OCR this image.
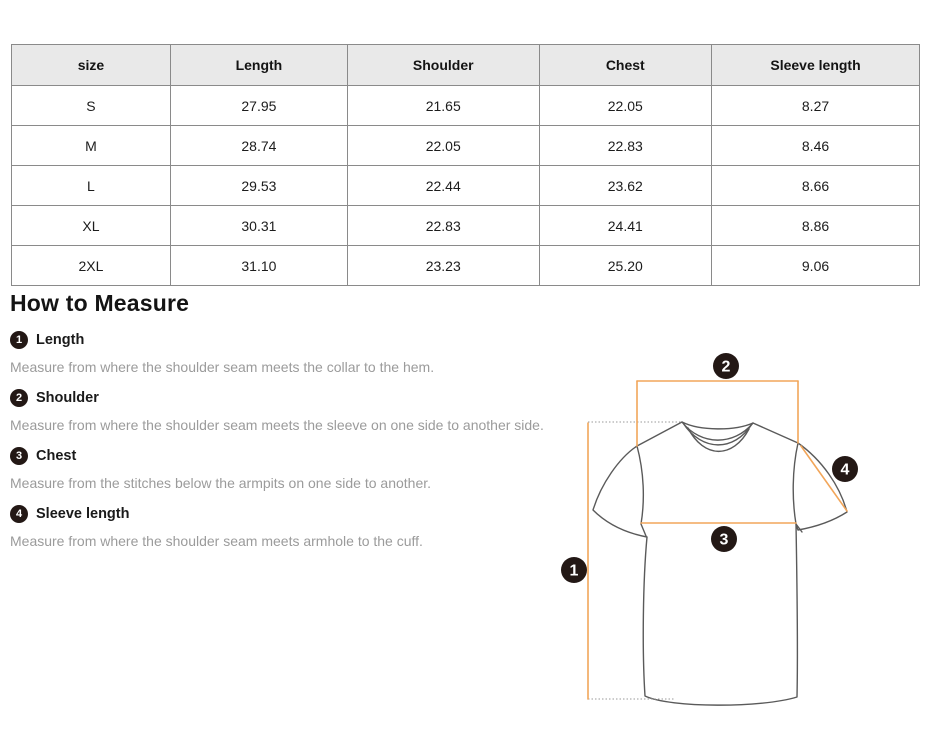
size	Length	Shoulder	Chest	Sleeve length
S	27.95	21.65	22.05	8.27
M	28.74	22.05	22.83	8.46
L	29.53	22.44	23.62	8.66
XL	30.31	22.83	24.41	8.86
2XL	31.10	23.23	25.20	9.06
How to Measure
1 Length

Measure from where the shoulder seam meets the collar to the hem.

2 Shoulder

Measure from where the shoulder seam meets the sleeve on one side to another side.

3 Chest

Measure from the stitches below the armpits on one side to another.

4 Sleeve length

Measure from where the shoulder seam meets armhole to the cuff.

1
2
3
4
